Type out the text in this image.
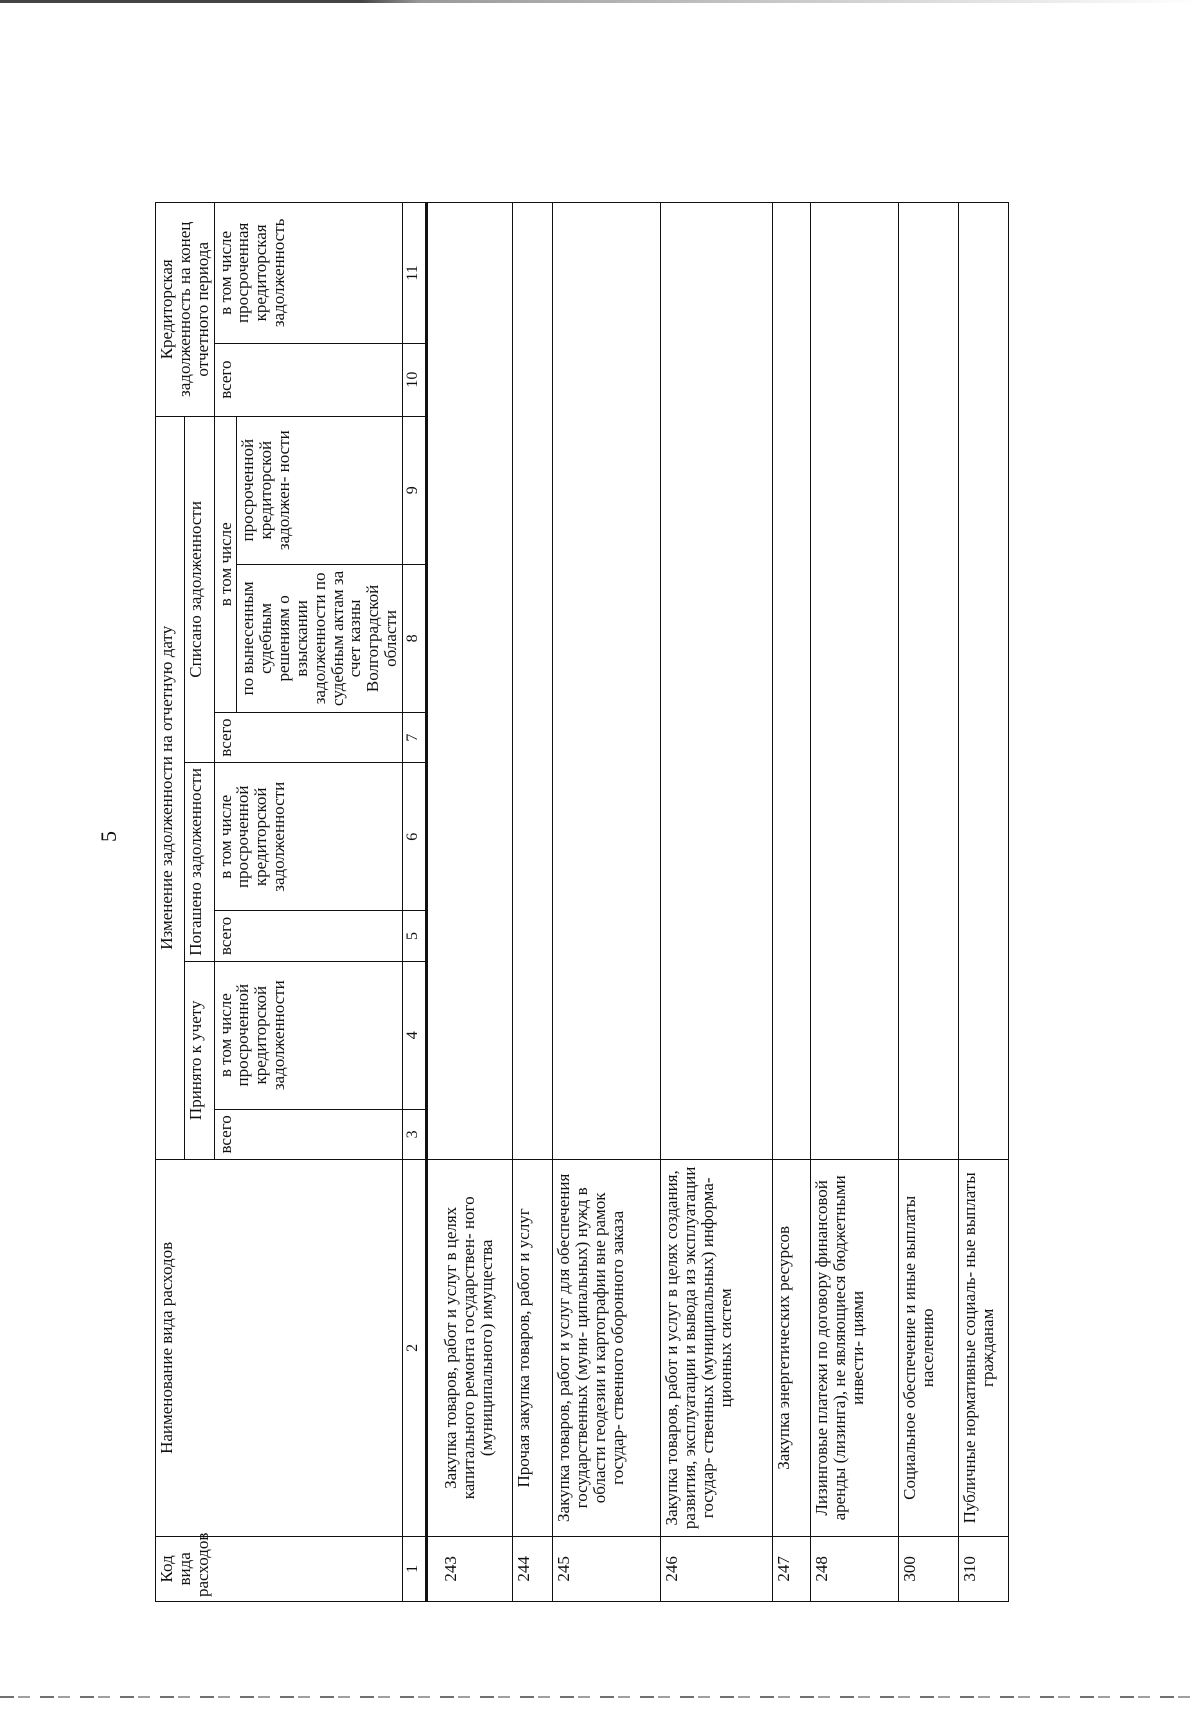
5
Код вида расходов	Наименование вида расходов	Изменение задолженности на отчетную дату							Кредиторская задолженность на конец отчетного периода	
		Принято к учету		Погашено задолженности		Списано задолженности				
		всего	в том числе просроченной кредиторской задолженности	всего	в том числе просроченной кредиторской задолженности	всего	в том числе		всего	в том числе просроченная кредиторская задолженность
							по вынесенным судебным решениям о взыскании задолженности по судебным актам за счет казны Волгоградской области	просроченной кредиторской задолжен- ности		
1	2	3	4	5	6	7	8	9	10	11
243	Закупка товаров, работ и услуг в целях капитального ремонта государствен- ного (муниципального) имущества									
244	Прочая закупка товаров, работ и услуг									
245	Закупка товаров, работ и услуг для обеспечения государственных (муни- ципальных) нужд в области геодезии и картографии вне рамок государ- ственного оборонного заказа									
246	Закупка товаров, работ и услуг в целях создания, развития, эксплуатации и вывода из эксплуатации государ- ственных (муниципальных) информа- ционных систем									
247	Закупка энергетических ресурсов									
248	Лизинговые платежи по договору финансовой аренды (лизинга), не являющиеся бюджетными инвести- циями									
300	Социальное обеспечение и иные выплаты населению									
310	Публичные нормативные социаль- ные выплаты гражданам									
